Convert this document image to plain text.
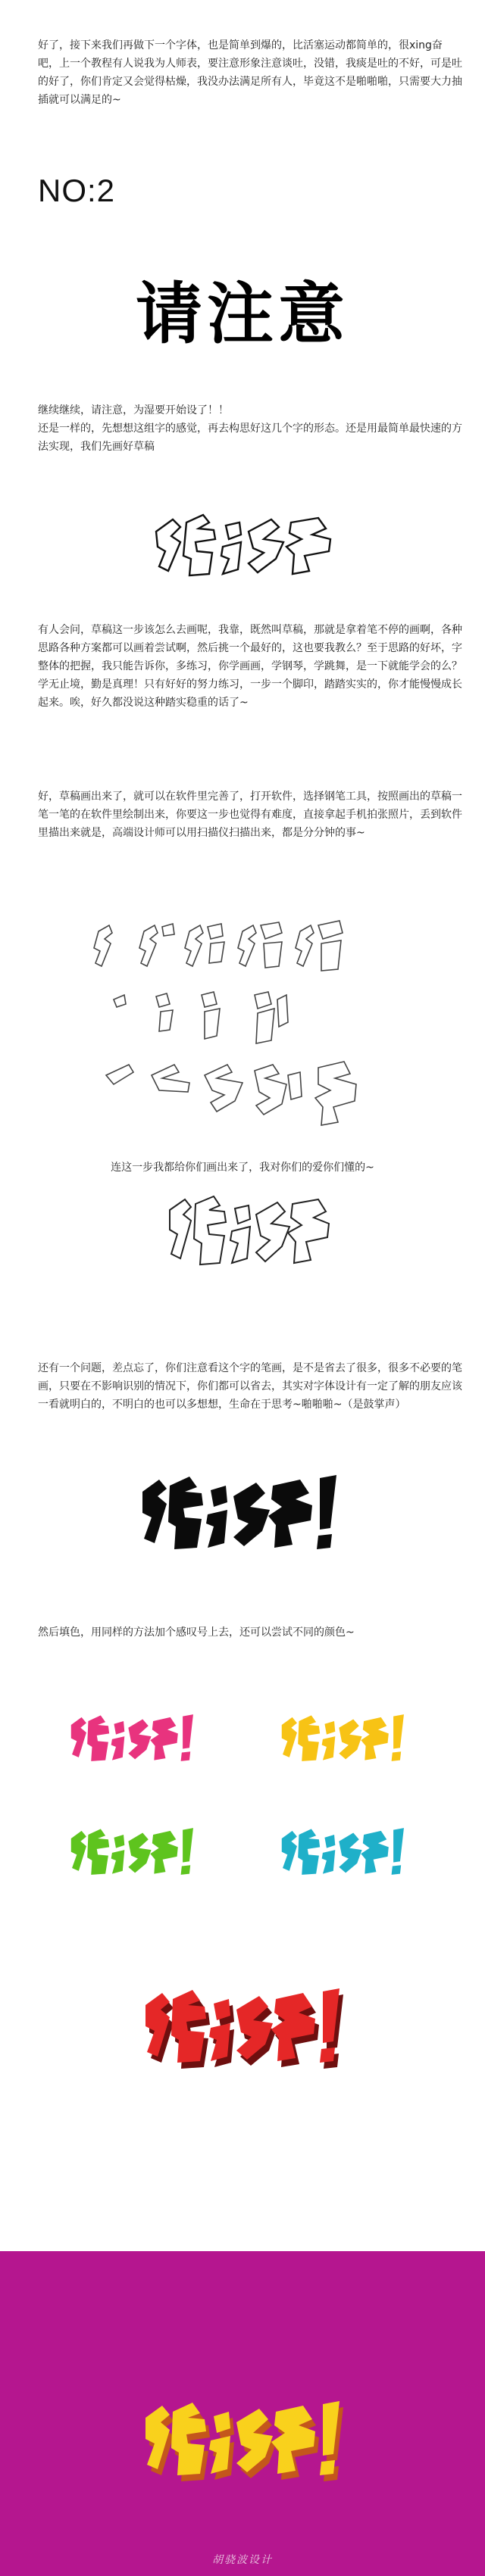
好了，接下来我们再做下一个字体，也是简单到爆的，比活塞运动都简单的，很xing奋吧，上一个教程有人说我为人师表，要注意形象注意谈吐，没错，我痰是吐的不好，可是吐的好了，你们肯定又会觉得枯燥，我没办法满足所有人，毕竟这不是啪啪啪，只需要大力抽插就可以满足的~

NO:2
请注意

继续继续，请注意，为湿要开始设了！！
还是一样的，先想想这组字的感觉，再去构思好这几个字的形态。还是用最简单最快速的方法实现，我们先画好草稿

有人会问，草稿这一步该怎么去画呢，我靠，既然叫草稿，那就是拿着笔不停的画啊，各种思路各种方案都可以画着尝试啊，然后挑一个最好的，这也要我教么？至于思路的好坏，字整体的把握，我只能告诉你，多练习，你学画画，学钢琴，学跳舞，是一下就能学会的么？学无止境，勤是真理！只有好好的努力练习，一步一个脚印，踏踏实实的，你才能慢慢成长起来。唉，好久都没说这种踏实稳重的话了~

好，草稿画出来了，就可以在软件里完善了，打开软件，选择钢笔工具，按照画出的草稿一笔一笔的在软件里绘制出来，你要这一步也觉得有难度，直接拿起手机拍张照片，丢到软件里描出来就是，高端设计师可以用扫描仪扫描出来，都是分分钟的事~

连这一步我都给你们画出来了，我对你们的爱你们懂的~

还有一个问题，差点忘了，你们注意看这个字的笔画，是不是省去了很多，很多不必要的笔画，只要在不影响识别的情况下，你们都可以省去，其实对字体设计有一定了解的朋友应该一看就明白的，不明白的也可以多想想，生命在于思考~啪啪啪~（是鼓掌声）

然后填色，用同样的方法加个感叹号上去，还可以尝试不同的颜色~

胡骁波设计
